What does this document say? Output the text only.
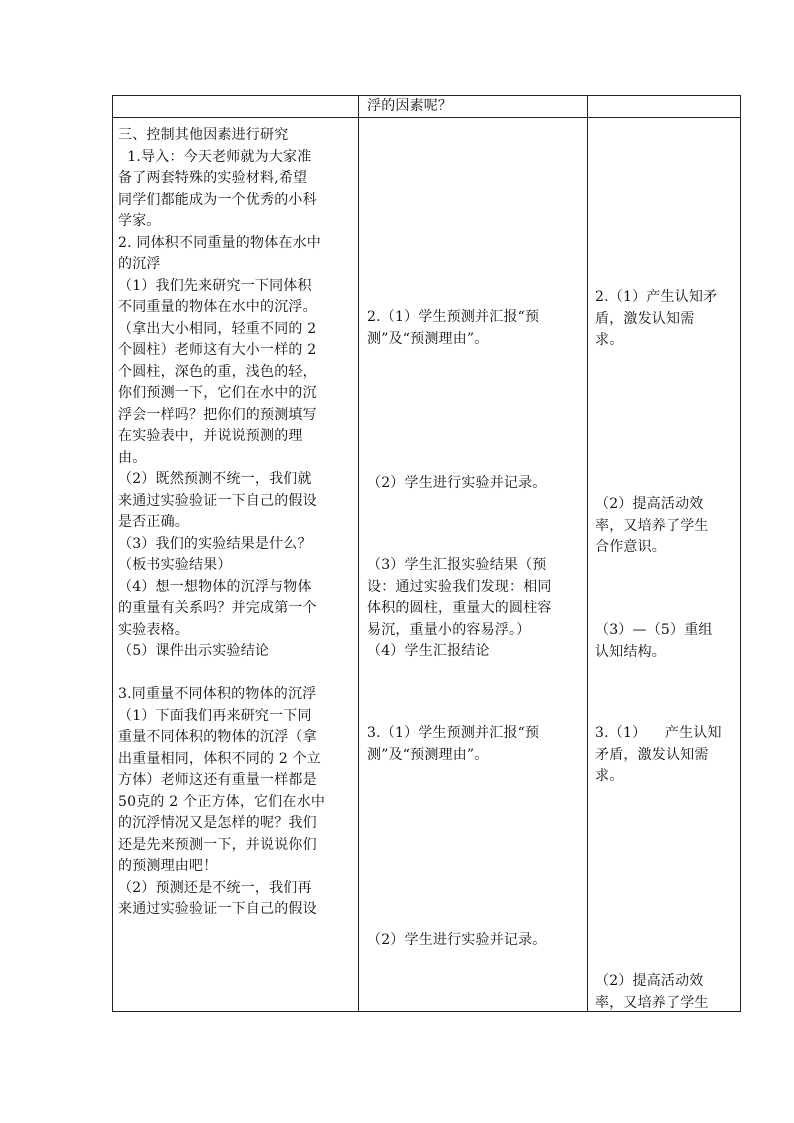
浮的因素呢？
三、控制其他因素进行研究
1.导入：今天老师就为大家准
备了两套特殊的实验材料,希望
同学们都能成为一个优秀的小科
学家。
2. 同体积不同重量的物体在水中
的沉浮
（1）我们先来研究一下同体积
不同重量的物体在水中的沉浮。
（拿出大小相同，轻重不同的 2
个圆柱）老师这有大小一样的 2
个圆柱，深色的重，浅色的轻，
你们预测一下，它们在水中的沉
浮会一样吗？把你们的预测填写
在实验表中，并说说预测的理
由。
（2）既然预测不统一，我们就
来通过实验验证一下自己的假设
是否正确。
（3）我们的实验结果是什么？
（板书实验结果）
（4）想一想物体的沉浮与物体
的重量有关系吗？并完成第一个
实验表格。
（5）课件出示实验结论
3.同重量不同体积的物体的沉浮
（1）下面我们再来研究一下同
重量不同体积的物体的沉浮（拿
出重量相同，体积不同的 2 个立
方体）老师这还有重量一样都是
50克的 2 个正方体，它们在水中
的沉浮情况又是怎样的呢？我们
还是先来预测一下，并说说你们
的预测理由吧！
（2）预测还是不统一，我们再
来通过实验验证一下自己的假设
2.（1）学生预测并汇报“预
测”及“预测理由”。
（2）学生进行实验并记录。
（3）学生汇报实验结果（预
设：通过实验我们发现：相同
体积的圆柱，重量大的圆柱容
易沉，重量小的容易浮。）
（4）学生汇报结论
3.（1）学生预测并汇报“预
测”及“预测理由”。
（2）学生进行实验并记录。
2.（1）产生认知矛
盾，激发认知需
求。
（2）提高活动效
率，又培养了学生
合作意识。
（3）—（5）重组
认知结构。
3.（1）    产生认知
矛盾，激发认知需
求。
（2）提高活动效
率，又培养了学生
